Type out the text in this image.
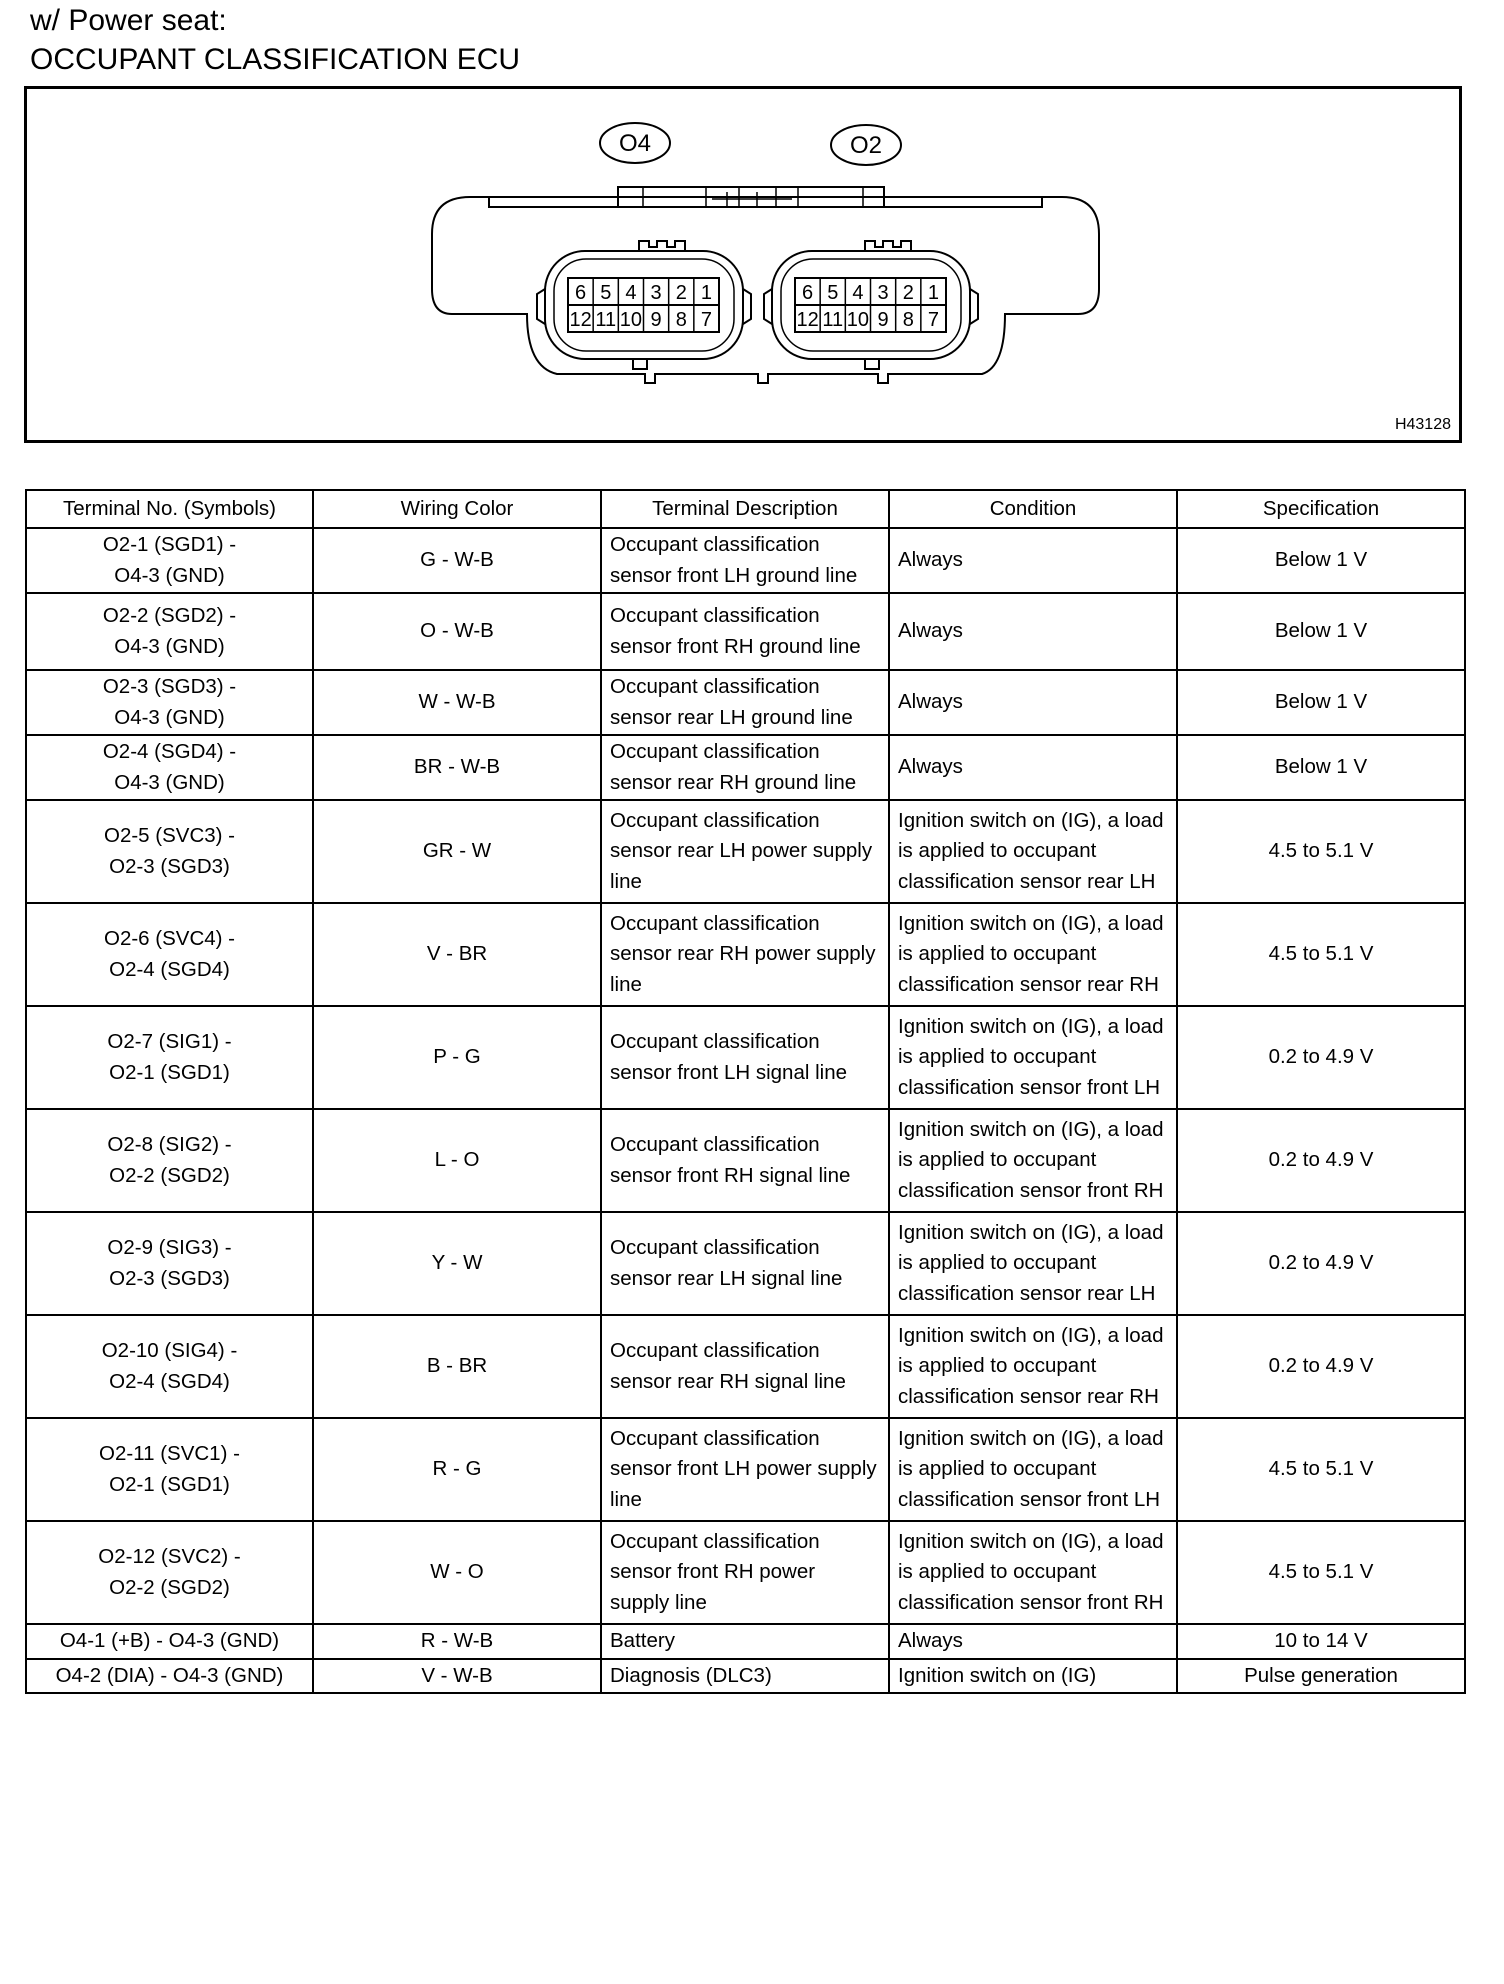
w/ Power seat:
OCCUPANT CLASSIFICATION ECU
O4	O2
6 5 4 3 2 1
12 11 10 9 8 7
6 5 4 3 2 1
12 11 10 9 8 7
H43128
Terminal No. (Symbols)	Wiring Color	Terminal Description	Condition	Specification

O2-1 (SGD1) -
O4-3 (GND)	G - W-B	Occupant classification sensor front LH ground line	Always	Below 1 V

O2-2 (SGD2) -
O4-3 (GND)	O - W-B	Occupant classification sensor front RH ground line	Always	Below 1 V

O2-3 (SGD3) -
O4-3 (GND)	W - W-B	Occupant classification sensor rear LH ground line	Always	Below 1 V

O2-4 (SGD4) -
O4-3 (GND)	BR - W-B	Occupant classification sensor rear RH ground line	Always	Below 1 V

O2-5 (SVC3) -
O2-3 (SGD3)	GR - W	Occupant classification sensor rear LH power supply line	Ignition switch on (IG), a load is applied to occupant classification sensor rear LH	4.5 to 5.1 V

O2-6 (SVC4) -
O2-4 (SGD4)	V - BR	Occupant classification sensor rear RH power supply line	Ignition switch on (IG), a load is applied to occupant classification sensor rear RH	4.5 to 5.1 V

O2-7 (SIG1) -
O2-1 (SGD1)	P - G	Occupant classification sensor front LH signal line	Ignition switch on (IG), a load is applied to occupant classification sensor front LH	0.2 to 4.9 V

O2-8 (SIG2) -
O2-2 (SGD2)	L - O	Occupant classification sensor front RH signal line	Ignition switch on (IG), a load is applied to occupant classification sensor front RH	0.2 to 4.9 V

O2-9 (SIG3) -
O2-3 (SGD3)	Y - W	Occupant classification sensor rear LH signal line	Ignition switch on (IG), a load is applied to occupant classification sensor rear LH	0.2 to 4.9 V

O2-10 (SIG4) -
O2-4 (SGD4)	B - BR	Occupant classification sensor rear RH signal line	Ignition switch on (IG), a load is applied to occupant classification sensor rear RH	0.2 to 4.9 V

O2-11 (SVC1) -
O2-1 (SGD1)	R - G	Occupant classification sensor front LH power supply line	Ignition switch on (IG), a load is applied to occupant classification sensor front LH	4.5 to 5.1 V

O2-12 (SVC2) -
O2-2 (SGD2)	W - O	Occupant classification sensor front RH power supply line	Ignition switch on (IG), a load is applied to occupant classification sensor front RH	4.5 to 5.1 V

O4-1 (+B) - O4-3 (GND)	R - W-B	Battery	Always	10 to 14 V

O4-2 (DIA) - O4-3 (GND)	V - W-B	Diagnosis (DLC3)	Ignition switch on (IG)	Pulse generation
